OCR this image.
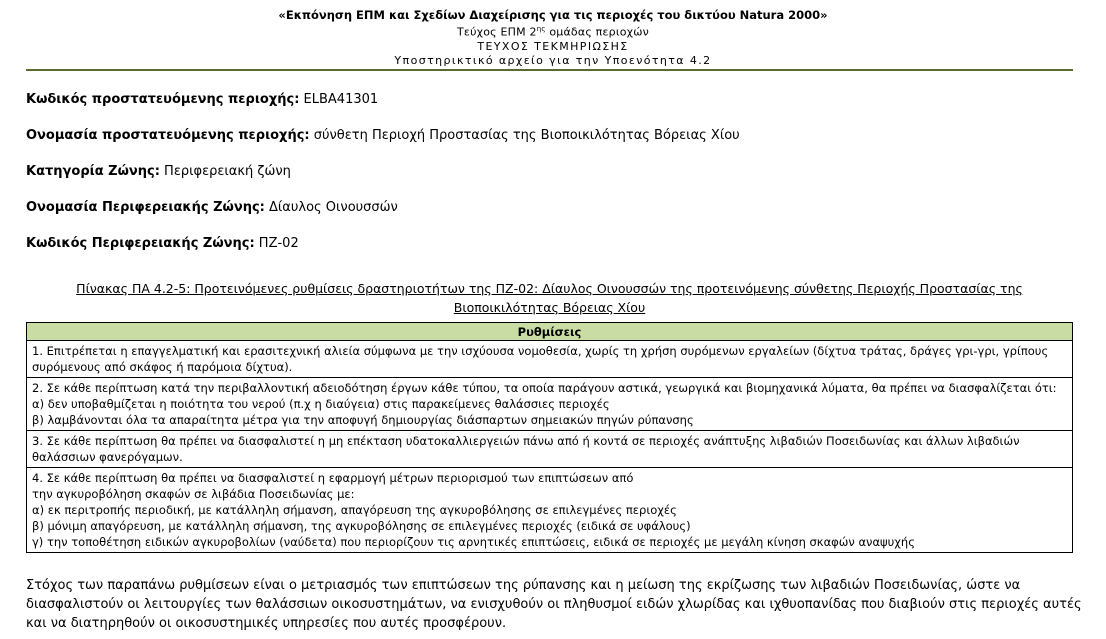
«Εκπόνηση ΕΠΜ και Σχεδίων Διαχείρισης για τις περιοχές του δικτύου Natura 2000»
Τεύχος ΕΠΜ $2^{\eta\varsigma}$ ομάδας περιοχών
ΤΕΥΧΟΣ ΤΕΚΜΗΡΙΩΣΗΣ
Υποστηρικτικό αρχείο για την Υποενότητα 4.2
Κωδικός προστατευόμενης περιοχής: ELBA41301
Ονομασία προστατευόμενης περιοχής: σύνθετη Περιοχή Προστασίας της Βιοποικιλότητας Βόρειας Χίου
Κατηγορία Ζώνης: Περιφερειακή ζώνη
Ονομασία Περιφερειακής Ζώνης: Δίαυλος Οινουσσών
Κωδικός Περιφερειακής Ζώνης: ΠΖ-02
Πίνακας ΠΑ 4.2-5: Προτεινόμενες ρυθμίσεις δραστηριοτήτων της ΠΖ-02: Δίαυλος Οινουσσών της προτεινόμενης σύνθετης Περιοχής Προστασίας της
Βιοποικιλότητας Βόρειας Χίου
Ρυθμίσεις

1. Επιτρέπεται η επαγγελματική και ερασιτεχνική αλιεία σύμφωνα με την ισχύουσα νομοθεσία, χωρίς τη χρήση συρόμενων εργαλείων (δίχτυα τράτας, δράγες γρι-γρι, γρίπους συρόμενους από σκάφος ή παρόμοια δίχτυα).

2. Σε κάθε περίπτωση κατά την περιβαλλοντική αδειοδότηση έργων κάθε τύπου, τα οποία παράγουν αστικά, γεωργικά και βιομηχανικά λύματα, θα πρέπει να διασφαλίζεται ότι:
α) δεν υποβαθμίζεται η ποιότητα του νερού (π.χ η διαύγεια) στις παρακείμενες θαλάσσιες περιοχές
β) λαμβάνονται όλα τα απαραίτητα μέτρα για την αποφυγή δημιουργίας διάσπαρτων σημειακών πηγών ρύπανσης

3. Σε κάθε περίπτωση θα πρέπει να διασφαλιστεί η μη επέκταση υδατοκαλλιεργειών πάνω από ή κοντά σε περιοχές ανάπτυξης λιβαδιών Ποσειδωνίας και άλλων λιβαδιών θαλάσσιων φανερόγαμων.

4. Σε κάθε περίπτωση θα πρέπει να διασφαλιστεί η εφαρμογή μέτρων περιορισμού των επιπτώσεων από
την αγκυροβόληση σκαφών σε λιβάδια Ποσειδωνίας με:
α) εκ περιτροπής περιοδική, με κατάλληλη σήμανση, απαγόρευση της αγκυροβόλησης σε επιλεγμένες περιοχές
β) μόνιμη απαγόρευση, με κατάλληλη σήμανση, της αγκυροβόλησης σε επιλεγμένες περιοχές (ειδικά σε υφάλους)
γ) την τοποθέτηση ειδικών αγκυροβολίων (ναύδετα) που περιορίζουν τις αρνητικές επιπτώσεις, ειδικά σε περιοχές με μεγάλη κίνηση σκαφών αναψυχής
Στόχος των παραπάνω ρυθμίσεων είναι ο μετριασμός των επιπτώσεων της ρύπανσης και η μείωση της εκρίζωσης των λιβαδιών Ποσειδωνίας, ώστε να διασφαλιστούν οι λειτουργίες των θαλάσσιων οικοσυστημάτων, να ενισχυθούν οι πληθυσμοί ειδών χλωρίδας και ιχθυοπανίδας που διαβιούν στις περιοχές αυτές και να διατηρηθούν οι οικοσυστημικές υπηρεσίες που αυτές προσφέρουν.
